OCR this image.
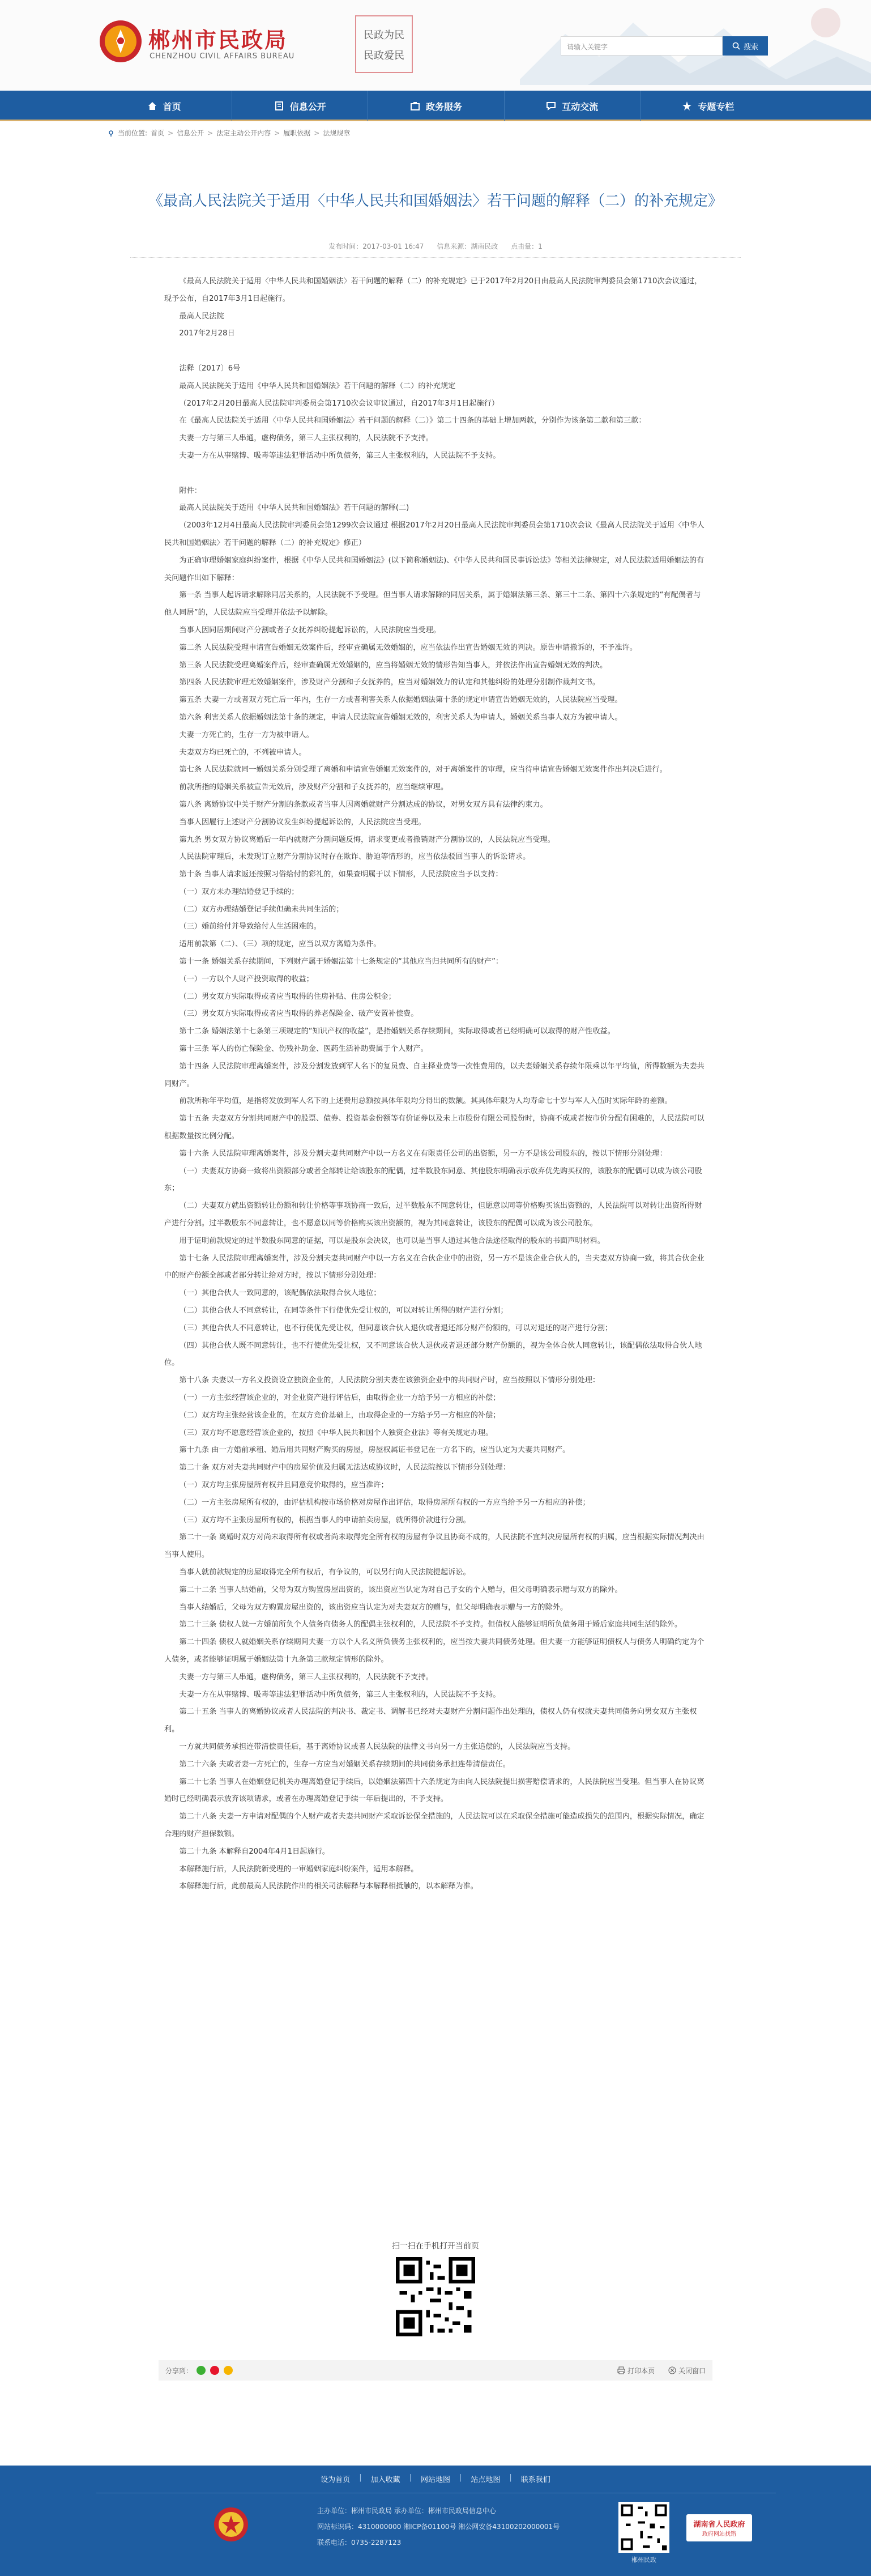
郴州市民政局
CHENZHOU CIVIL AFFAIRS BUREAU
民政为民
民政爱民
请输入关键字	搜索
首页	信息公开	政务服务	互动交流	专题专栏
当前位置: 首页 > 信息公开 > 法定主动公开内容 > 履职依据 > 法规规章
《最高人民法院关于适用〈中华人民共和国婚姻法〉若干问题的解释（二）的补充规定》
发布时间：2017-03-01 16:47 信息来源：湖南民政 点击量：1

《最高人民法院关于适用〈中华人民共和国婚姻法〉若干问题的解释（二）的补充规定》已于2017年2月20日由最高人民法院审判委员会第1710次会议通过，现予公布，自2017年3月1日起施行。

最高人民法院

2017年2月28日

法释〔2017〕6号

最高人民法院关于适用《中华人民共和国婚姻法》若干问题的解释（二）的补充规定

（2017年2月20日最高人民法院审判委员会第1710次会议审议通过，自2017年3月1日起施行）

在《最高人民法院关于适用〈中华人民共和国婚姻法〉若干问题的解释（二）》第二十四条的基础上增加两款，分别作为该条第二款和第三款：

夫妻一方与第三人串通，虚构债务，第三人主张权利的，人民法院不予支持。

夫妻一方在从事赌博、吸毒等违法犯罪活动中所负债务，第三人主张权利的，人民法院不予支持。

附件：

最高人民法院关于适用《中华人民共和国婚姻法》若干问题的解释(二)

（2003年12月4日最高人民法院审判委员会第1299次会议通过 根据2017年2月20日最高人民法院审判委员会第1710次会议《最高人民法院关于适用〈中华人民共和国婚姻法〉若干问题的解释（二）的补充规定》修正）

为正确审理婚姻家庭纠纷案件，根据《中华人民共和国婚姻法》(以下简称婚姻法)、《中华人民共和国民事诉讼法》等相关法律规定，对人民法院适用婚姻法的有关问题作出如下解释：

第一条 当事人起诉请求解除同居关系的，人民法院不予受理。但当事人请求解除的同居关系，属于婚姻法第三条、第三十二条、第四十六条规定的“有配偶者与他人同居”的，人民法院应当受理并依法予以解除。

当事人因同居期间财产分割或者子女抚养纠纷提起诉讼的，人民法院应当受理。

第二条 人民法院受理申请宣告婚姻无效案件后，经审查确属无效婚姻的，应当依法作出宣告婚姻无效的判决。原告申请撤诉的，不予准许。

第三条 人民法院受理离婚案件后，经审查确属无效婚姻的，应当将婚姻无效的情形告知当事人，并依法作出宣告婚姻无效的判决。

第四条 人民法院审理无效婚姻案件，涉及财产分割和子女抚养的，应当对婚姻效力的认定和其他纠纷的处理分别制作裁判文书。

第五条 夫妻一方或者双方死亡后一年内，生存一方或者利害关系人依据婚姻法第十条的规定申请宣告婚姻无效的，人民法院应当受理。

第六条 利害关系人依据婚姻法第十条的规定，申请人民法院宣告婚姻无效的，利害关系人为申请人，婚姻关系当事人双方为被申请人。

夫妻一方死亡的，生存一方为被申请人。

夫妻双方均已死亡的，不列被申请人。

第七条 人民法院就同一婚姻关系分别受理了离婚和申请宣告婚姻无效案件的，对于离婚案件的审理，应当待申请宣告婚姻无效案件作出判决后进行。

前款所指的婚姻关系被宣告无效后，涉及财产分割和子女抚养的，应当继续审理。

第八条 离婚协议中关于财产分割的条款或者当事人因离婚就财产分割达成的协议，对男女双方具有法律约束力。

当事人因履行上述财产分割协议发生纠纷提起诉讼的，人民法院应当受理。

第九条 男女双方协议离婚后一年内就财产分割问题反悔，请求变更或者撤销财产分割协议的，人民法院应当受理。

人民法院审理后，未发现订立财产分割协议时存在欺诈、胁迫等情形的，应当依法驳回当事人的诉讼请求。

第十条 当事人请求返还按照习俗给付的彩礼的，如果查明属于以下情形，人民法院应当予以支持：

（一）双方未办理结婚登记手续的；

（二）双方办理结婚登记手续但确未共同生活的；

（三）婚前给付并导致给付人生活困难的。

适用前款第（二）、（三）项的规定，应当以双方离婚为条件。

第十一条 婚姻关系存续期间，下列财产属于婚姻法第十七条规定的“其他应当归共同所有的财产”：

（一）一方以个人财产投资取得的收益；

（二）男女双方实际取得或者应当取得的住房补贴、住房公积金；

（三）男女双方实际取得或者应当取得的养老保险金、破产安置补偿费。

第十二条 婚姻法第十七条第三项规定的“知识产权的收益”，是指婚姻关系存续期间，实际取得或者已经明确可以取得的财产性收益。

第十三条 军人的伤亡保险金、伤残补助金、医药生活补助费属于个人财产。

第十四条 人民法院审理离婚案件，涉及分割发放到军人名下的复员费、自主择业费等一次性费用的，以夫妻婚姻关系存续年限乘以年平均值，所得数额为夫妻共同财产。

前款所称年平均值，是指将发放到军人名下的上述费用总额按具体年限均分得出的数额。其具体年限为人均寿命七十岁与军人入伍时实际年龄的差额。

第十五条 夫妻双方分割共同财产中的股票、债券、投资基金份额等有价证券以及未上市股份有限公司股份时，协商不成或者按市价分配有困难的，人民法院可以根据数量按比例分配。

第十六条 人民法院审理离婚案件，涉及分割夫妻共同财产中以一方名义在有限责任公司的出资额，另一方不是该公司股东的，按以下情形分别处理：

（一）夫妻双方协商一致将出资额部分或者全部转让给该股东的配偶，过半数股东同意、其他股东明确表示放弃优先购买权的，该股东的配偶可以成为该公司股东；

（二）夫妻双方就出资额转让份额和转让价格等事项协商一致后，过半数股东不同意转让，但愿意以同等价格购买该出资额的，人民法院可以对转让出资所得财产进行分割。过半数股东不同意转让，也不愿意以同等价格购买该出资额的，视为其同意转让，该股东的配偶可以成为该公司股东。

用于证明前款规定的过半数股东同意的证据，可以是股东会决议，也可以是当事人通过其他合法途径取得的股东的书面声明材料。

第十七条 人民法院审理离婚案件，涉及分割夫妻共同财产中以一方名义在合伙企业中的出资，另一方不是该企业合伙人的，当夫妻双方协商一致，将其合伙企业中的财产份额全部或者部分转让给对方时，按以下情形分别处理：

（一）其他合伙人一致同意的，该配偶依法取得合伙人地位；

（二）其他合伙人不同意转让，在同等条件下行使优先受让权的，可以对转让所得的财产进行分割；

（三）其他合伙人不同意转让，也不行使优先受让权，但同意该合伙人退伙或者退还部分财产份额的，可以对退还的财产进行分割；

（四）其他合伙人既不同意转让，也不行使优先受让权，又不同意该合伙人退伙或者退还部分财产份额的，视为全体合伙人同意转让，该配偶依法取得合伙人地位。

第十八条 夫妻以一方名义投资设立独资企业的，人民法院分割夫妻在该独资企业中的共同财产时，应当按照以下情形分别处理：

（一）一方主张经营该企业的，对企业资产进行评估后，由取得企业一方给予另一方相应的补偿；

（二）双方均主张经营该企业的，在双方竞价基础上，由取得企业的一方给予另一方相应的补偿；

（三）双方均不愿意经营该企业的，按照《中华人民共和国个人独资企业法》等有关规定办理。

第十九条 由一方婚前承租、婚后用共同财产购买的房屋，房屋权属证书登记在一方名下的，应当认定为夫妻共同财产。

第二十条 双方对夫妻共同财产中的房屋价值及归属无法达成协议时，人民法院按以下情形分别处理：

（一）双方均主张房屋所有权并且同意竞价取得的，应当准许；

（二）一方主张房屋所有权的，由评估机构按市场价格对房屋作出评估，取得房屋所有权的一方应当给予另一方相应的补偿；

（三）双方均不主张房屋所有权的，根据当事人的申请拍卖房屋，就所得价款进行分割。

第二十一条 离婚时双方对尚未取得所有权或者尚未取得完全所有权的房屋有争议且协商不成的，人民法院不宜判决房屋所有权的归属，应当根据实际情况判决由当事人使用。

当事人就前款规定的房屋取得完全所有权后，有争议的，可以另行向人民法院提起诉讼。

第二十二条 当事人结婚前，父母为双方购置房屋出资的，该出资应当认定为对自己子女的个人赠与，但父母明确表示赠与双方的除外。

当事人结婚后，父母为双方购置房屋出资的，该出资应当认定为对夫妻双方的赠与，但父母明确表示赠与一方的除外。

第二十三条 债权人就一方婚前所负个人债务向债务人的配偶主张权利的，人民法院不予支持。但债权人能够证明所负债务用于婚后家庭共同生活的除外。

第二十四条 债权人就婚姻关系存续期间夫妻一方以个人名义所负债务主张权利的，应当按夫妻共同债务处理。但夫妻一方能够证明债权人与债务人明确约定为个人债务，或者能够证明属于婚姻法第十九条第三款规定情形的除外。

夫妻一方与第三人串通，虚构债务，第三人主张权利的，人民法院不予支持。

夫妻一方在从事赌博、吸毒等违法犯罪活动中所负债务，第三人主张权利的，人民法院不予支持。

第二十五条 当事人的离婚协议或者人民法院的判决书、裁定书、调解书已经对夫妻财产分割问题作出处理的，债权人仍有权就夫妻共同债务向男女双方主张权利。

一方就共同债务承担连带清偿责任后，基于离婚协议或者人民法院的法律文书向另一方主张追偿的，人民法院应当支持。

第二十六条 夫或者妻一方死亡的，生存一方应当对婚姻关系存续期间的共同债务承担连带清偿责任。

第二十七条 当事人在婚姻登记机关办理离婚登记手续后，以婚姻法第四十六条规定为由向人民法院提出损害赔偿请求的，人民法院应当受理。但当事人在协议离婚时已经明确表示放弃该项请求，或者在办理离婚登记手续一年后提出的，不予支持。

第二十八条 夫妻一方申请对配偶的个人财产或者夫妻共同财产采取诉讼保全措施的，人民法院可以在采取保全措施可能造成损失的范围内，根据实际情况，确定合理的财产担保数额。

第二十九条 本解释自2004年4月1日起施行。

本解释施行后，人民法院新受理的一审婚姻家庭纠纷案件，适用本解释。

本解释施行后，此前最高人民法院作出的相关司法解释与本解释相抵触的，以本解释为准。

扫一扫在手机打开当前页
分享到：	打印本页	关闭窗口
设为首页 | 加入收藏 | 网站地图 | 站点地图 | 联系我们
主办单位：郴州市民政局 承办单位：郴州市民政局信息中心
网站标识码：4310000000 湘ICP备01100号 湘公网安备43100202000001号
联系电话：0735-2287123
郴州民政
湖南省人民政府
政府网站找错
